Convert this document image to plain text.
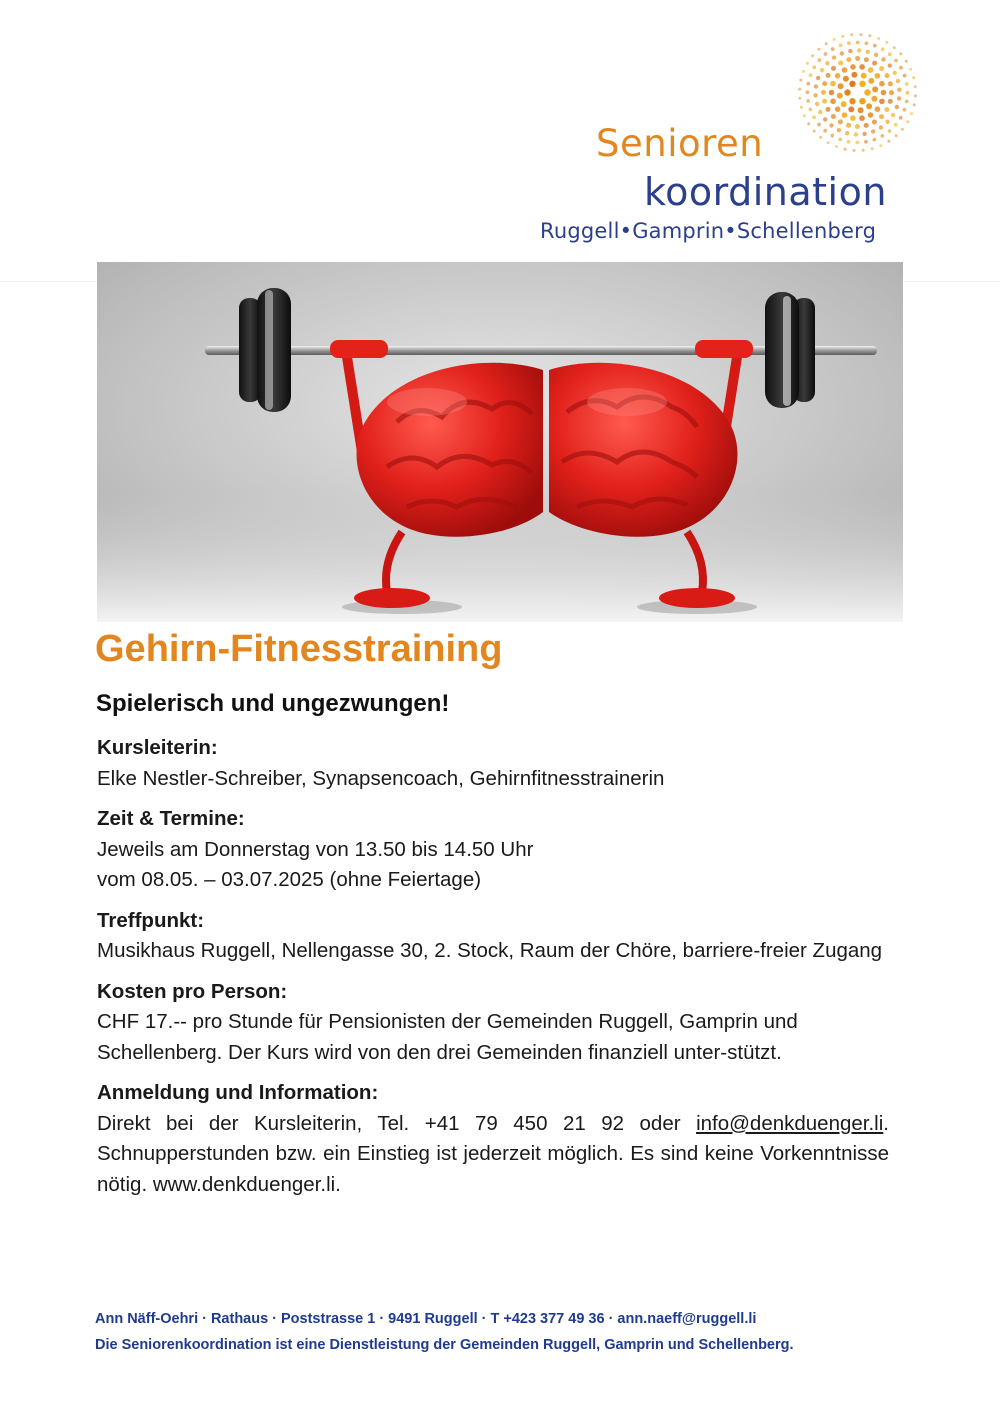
Senioren
koordination
Ruggell•Gamprin•Schellenberg
Gehirn-Fitnesstraining
Spielerisch und ungezwungen!
Kursleiterin:
Elke Nestler-Schreiber, Synapsencoach, Gehirnfitnesstrainerin
Zeit & Termine:
Jeweils am Donnerstag von 13.50 bis 14.50 Uhr
vom 08.05. – 03.07.2025 (ohne Feiertage)
Treffpunkt:
Musikhaus Ruggell, Nellengasse 30, 2. Stock, Raum der Chöre, barriere-freier Zugang
Kosten pro Person:
CHF 17.-- pro Stunde für Pensionisten der Gemeinden Ruggell, Gamprin und Schellenberg. Der Kurs wird von den drei Gemeinden finanziell unter-stützt.
Anmeldung und Information:
Direkt bei der Kursleiterin, Tel. +41 79 450 21 92 oder info@denkduenger.li. Schnupperstunden bzw. ein Einstieg ist jederzeit möglich. Es sind keine Vorkenntnisse nötig. www.denkduenger.li.
Ann Näff-Oehri · Rathaus · Poststrasse 1 · 9491 Ruggell · T +423 377 49 36 · ann.naeff@ruggell.li
Die Seniorenkoordination ist eine Dienstleistung der Gemeinden Ruggell, Gamprin und Schellenberg.
